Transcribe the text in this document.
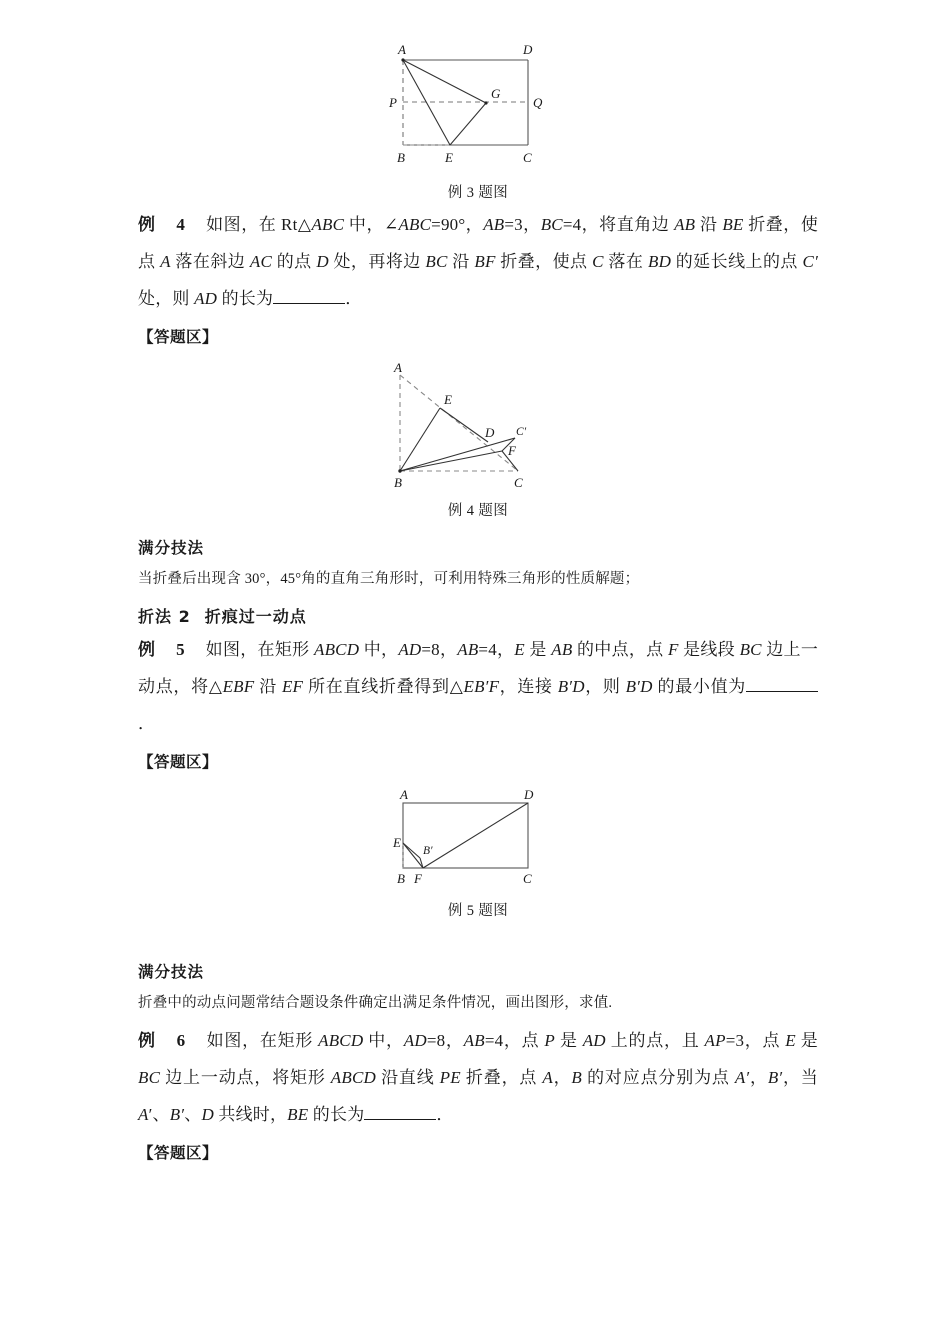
A	D
P	Q
G
B	E	C
例 3 题图

例 4 如图，在 Rt△ABC 中，∠ABC=90°，AB=3，BC=4，将直角边 AB 沿 BE 折叠，使点 A 落在斜边 AC 的点 D 处，再将边 BC 沿 BF 折叠，使点 C 落在 BD 的延长线上的点 C′处，则 AD 的长为	．

【答题区】

A
E
D C′
F
B	C
例 4 题图

满分技法

当折叠后出现含 30°，45°角的直角三角形时，可利用特殊三角形的性质解题；

折法 2 折痕过一动点

例 5 如图，在矩形 ABCD 中，AD=8，AB=4，E 是 AB 的中点，点 F 是线段 BC 边上一动点，将△EBF 沿 EF 所在直线折叠得到△EB′F，连接 B′D，则 B′D 的最小值为．

【答题区】

A	D
E
B′
B F	C
例 5 题图

满分技法

折叠中的动点问题常结合题设条件确定出满足条件情况，画出图形，求值.

例 6 如图，在矩形 ABCD 中，AD=8，AB=4，点 P 是 AD 上的点，且 AP=3，点 E 是BC 边上一动点，将矩形 ABCD 沿直线 PE 折叠，点 A，B 的对应点分别为点 A′，B′，当 A′、B′、D 共线时，BE 的长为	．

【答题区】
